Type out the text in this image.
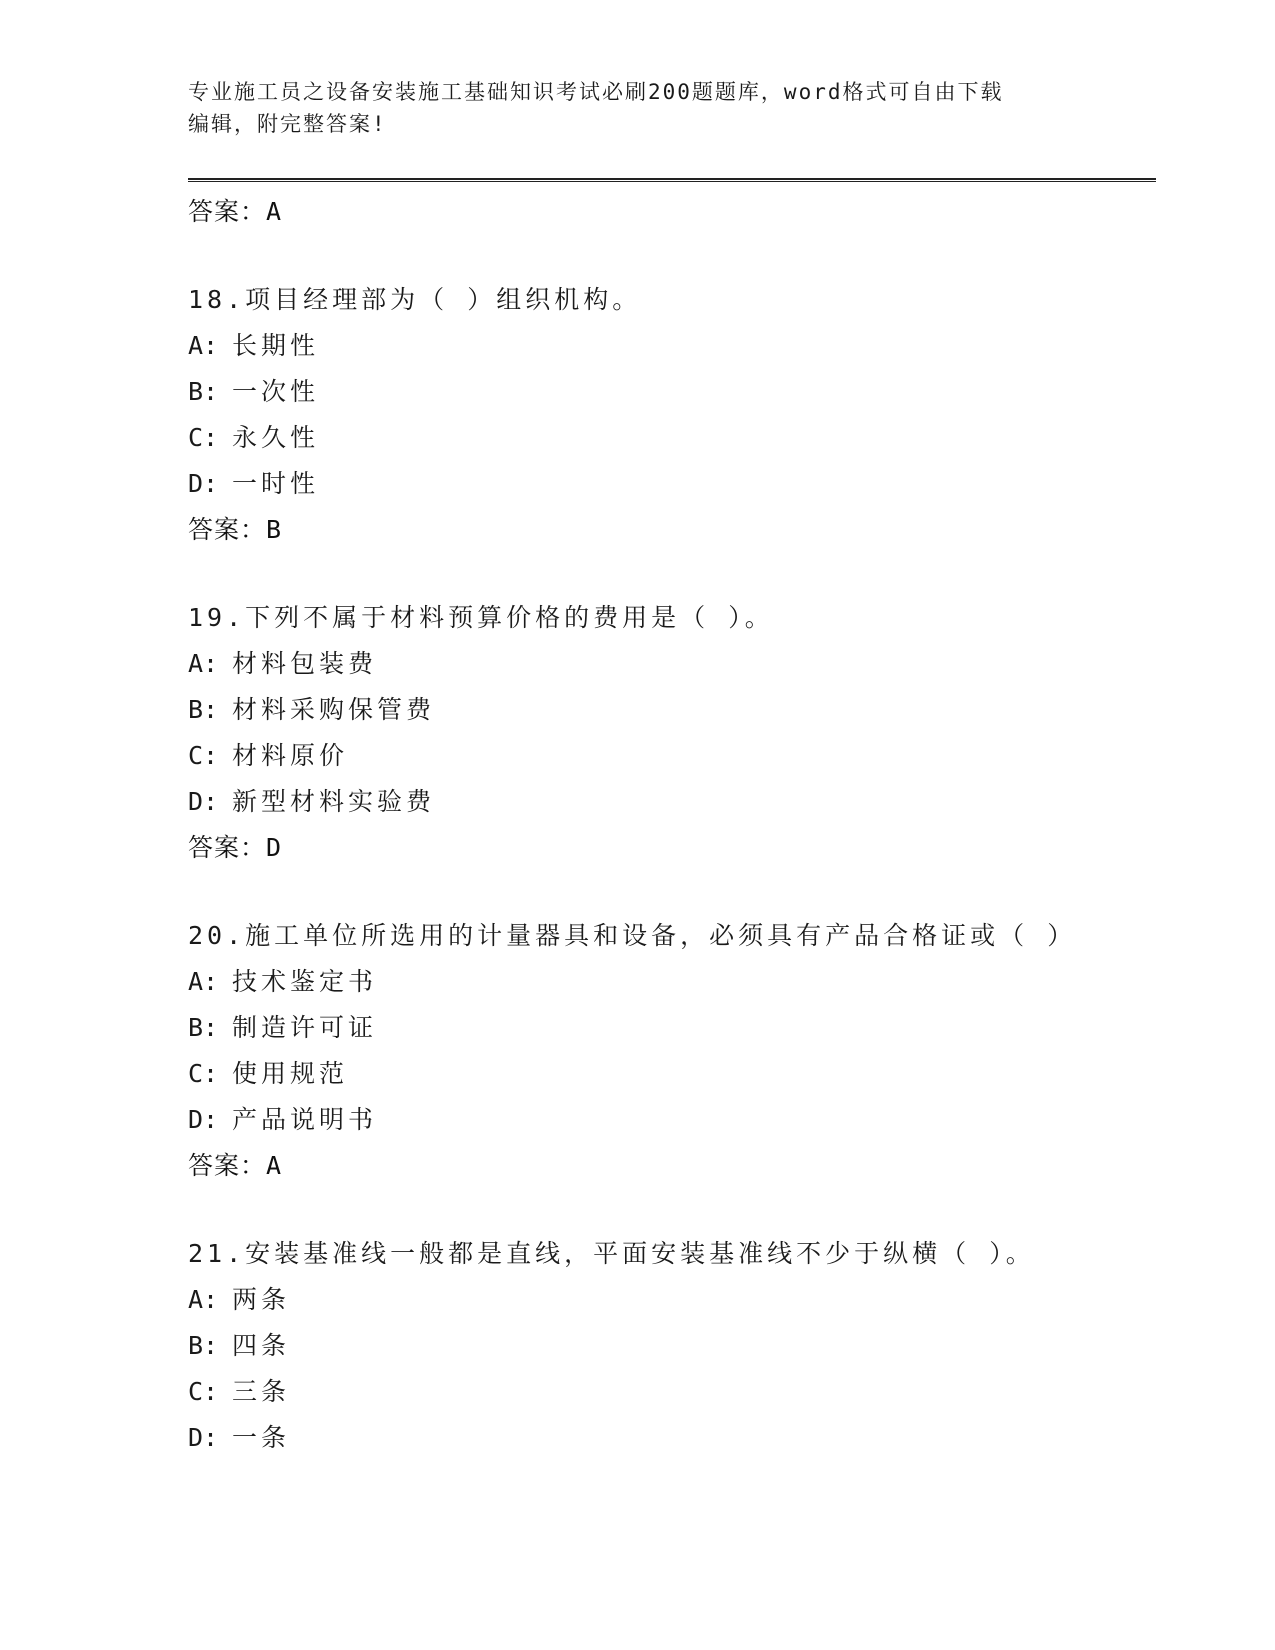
专业施工员之设备安装施工基础知识考试必刷200题题库，word格式可自由下载
编辑，附完整答案!
答案：A
18.项目经理部为（ ）组织机构。
A: 长期性
B: 一次性
C: 永久性
D: 一时性
答案：B
19.下列不属于材料预算价格的费用是（ ）。
A: 材料包装费
B: 材料采购保管费
C: 材料原价
D: 新型材料实验费
答案：D
20.施工单位所选用的计量器具和设备，必须具有产品合格证或（ ）
A: 技术鉴定书
B: 制造许可证
C: 使用规范
D: 产品说明书
答案：A
21.安装基准线一般都是直线，平面安装基准线不少于纵横（ ）。
A: 两条
B: 四条
C: 三条
D: 一条
